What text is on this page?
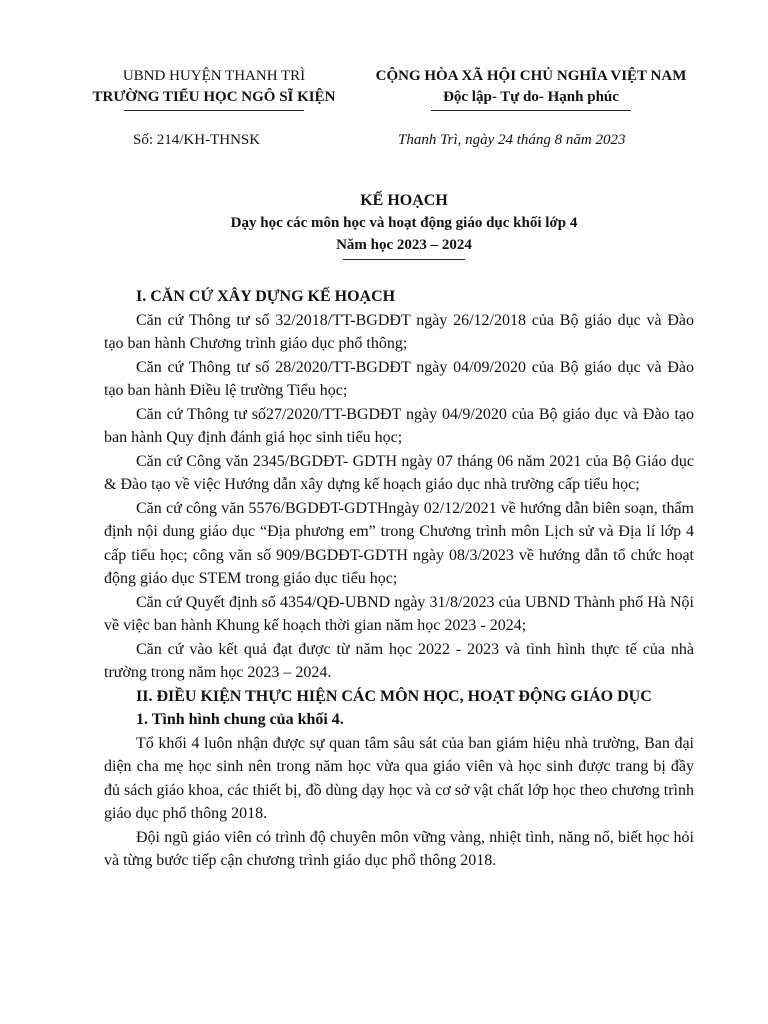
UBND HUYỆN THANH TRÌ
TRƯỜNG TIỂU HỌC NGÔ SĨ KIỆN
CỘNG HÒA XÃ HỘI CHỦ NGHĨA VIỆT NAM
Độc lập- Tự do- Hạnh phúc
Số: 214/KH-THNSK	Thanh Trì, ngày 24 tháng 8 năm 2023
KẾ HOẠCH
Dạy học các môn học và hoạt động giáo dục khối lớp 4
Năm học 2023 – 2024

I. CĂN CỨ XÂY DỰNG KẾ HOẠCH

Căn cứ Thông tư số 32/2018/TT-BGDĐT ngày 26/12/2018 của Bộ giáo dục và Đào tạo ban hành Chương trình giáo dục phổ thông;

Căn cứ Thông tư số 28/2020/TT-BGDĐT ngày 04/09/2020 của Bộ giáo dục và Đào tạo ban hành Điều lệ trường Tiểu học;

Căn cứ Thông tư số27/2020/TT-BGDĐT ngày 04/9/2020 của Bộ giáo dục và Đào tạo ban hành Quy định đánh giá học sinh tiểu học;

Căn cứ Công văn 2345/BGDĐT- GDTH ngày 07 tháng 06 năm 2021 của Bộ Giáo dục & Đào tạo về việc Hướng dẫn xây dựng kế hoạch giáo dục nhà trường cấp tiểu học;

Căn cứ công văn 5576/BGDĐT-GDTHngày 02/12/2021 về hướng dẫn biên soạn, thẩm định nội dung giáo dục “Địa phương em” trong Chương trình môn Lịch sử và Địa lí lớp 4 cấp tiểu học; công văn số 909/BGDĐT-GDTH ngày 08/3/2023 về hướng dẫn tổ chức hoạt động giáo dục STEM trong giáo dục tiểu học;

Căn cứ Quyết định số 4354/QĐ-UBND ngày 31/8/2023 của UBND Thành phố Hà Nội về việc ban hành Khung kế hoạch thời gian năm học 2023 - 2024;

Căn cứ vào kết quả đạt được từ năm học 2022 - 2023 và tình hình thực tế của nhà trường trong năm học 2023 – 2024.

II. ĐIỀU KIỆN THỰC HIỆN CÁC MÔN HỌC, HOẠT ĐỘNG GIÁO DỤC

1. Tình hình chung của khối 4.

Tổ khối 4 luôn nhận được sự quan tâm sâu sát của ban giám hiệu nhà trường, Ban đại diện cha mẹ học sinh nên trong năm học vừa qua giáo viên và học sinh được trang bị đầy đủ sách giáo khoa, các thiết bị, đồ dùng dạy học và cơ sở vật chất lớp học theo chương trình giáo dục phổ thông 2018.

Đội ngũ giáo viên có trình độ chuyên môn vững vàng, nhiệt tình, năng nổ, biết học hỏi và từng bước tiếp cận chương trình giáo dục phổ thông 2018.
